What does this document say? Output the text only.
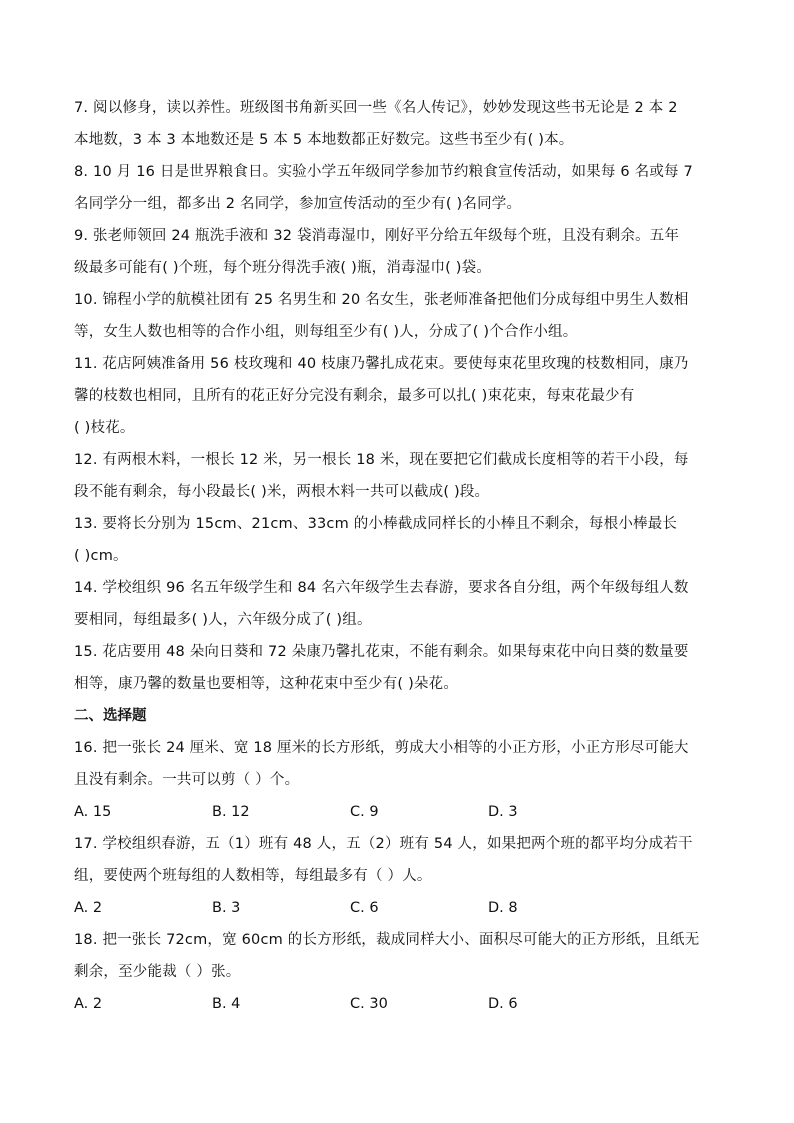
7. 阅以修身，读以养性。班级图书角新买回一些《名人传记》，妙妙发现这些书无论是 2 本 2
本地数，3 本 3 本地数还是 5 本 5 本地数都正好数完。这些书至少有( )本。
8. 10 月 16 日是世界粮食日。实验小学五年级同学参加节约粮食宣传活动，如果每 6 名或每 7
名同学分一组，都多出 2 名同学，参加宣传活动的至少有( )名同学。
9. 张老师领回 24 瓶洗手液和 32 袋消毒湿巾，刚好平分给五年级每个班，且没有剩余。五年
级最多可能有( )个班，每个班分得洗手液( )瓶，消毒湿巾( )袋。
10. 锦程小学的航模社团有 25 名男生和 20 名女生，张老师准备把他们分成每组中男生人数相
等，女生人数也相等的合作小组，则每组至少有( )人，分成了( )个合作小组。
11. 花店阿姨准备用 56 枝玫瑰和 40 枝康乃馨扎成花束。要使每束花里玫瑰的枝数相同，康乃
馨的枝数也相同，且所有的花正好分完没有剩余，最多可以扎( )束花束，每束花最少有
( )枝花。
12. 有两根木料，一根长 12 米，另一根长 18 米，现在要把它们截成长度相等的若干小段，每
段不能有剩余，每小段最长( )米，两根木料一共可以截成( )段。
13. 要将长分别为 15cm、21cm、33cm 的小棒截成同样长的小棒且不剩余，每根小棒最长
( )cm。
14. 学校组织 96 名五年级学生和 84 名六年级学生去春游，要求各自分组，两个年级每组人数
要相同，每组最多( )人，六年级分成了( )组。
15. 花店要用 48 朵向日葵和 72 朵康乃馨扎花束，不能有剩余。如果每束花中向日葵的数量要
相等，康乃馨的数量也要相等，这种花束中至少有( )朵花。
二、选择题
16. 把一张长 24 厘米、宽 18 厘米的长方形纸，剪成大小相等的小正方形，小正方形尽可能大
且没有剩余。一共可以剪（ ）个。
A. 15	B. 12	C. 9	D. 3
17. 学校组织春游，五（1）班有 48 人，五（2）班有 54 人，如果把两个班的都平均分成若干
组，要使两个班每组的人数相等，每组最多有（ ）人。
A. 2	B. 3	C. 6	D. 8
18. 把一张长 72cm，宽 60cm 的长方形纸，裁成同样大小、面积尽可能大的正方形纸，且纸无
剩余，至少能裁（ ）张。
A. 2	B. 4	C. 30	D. 6
